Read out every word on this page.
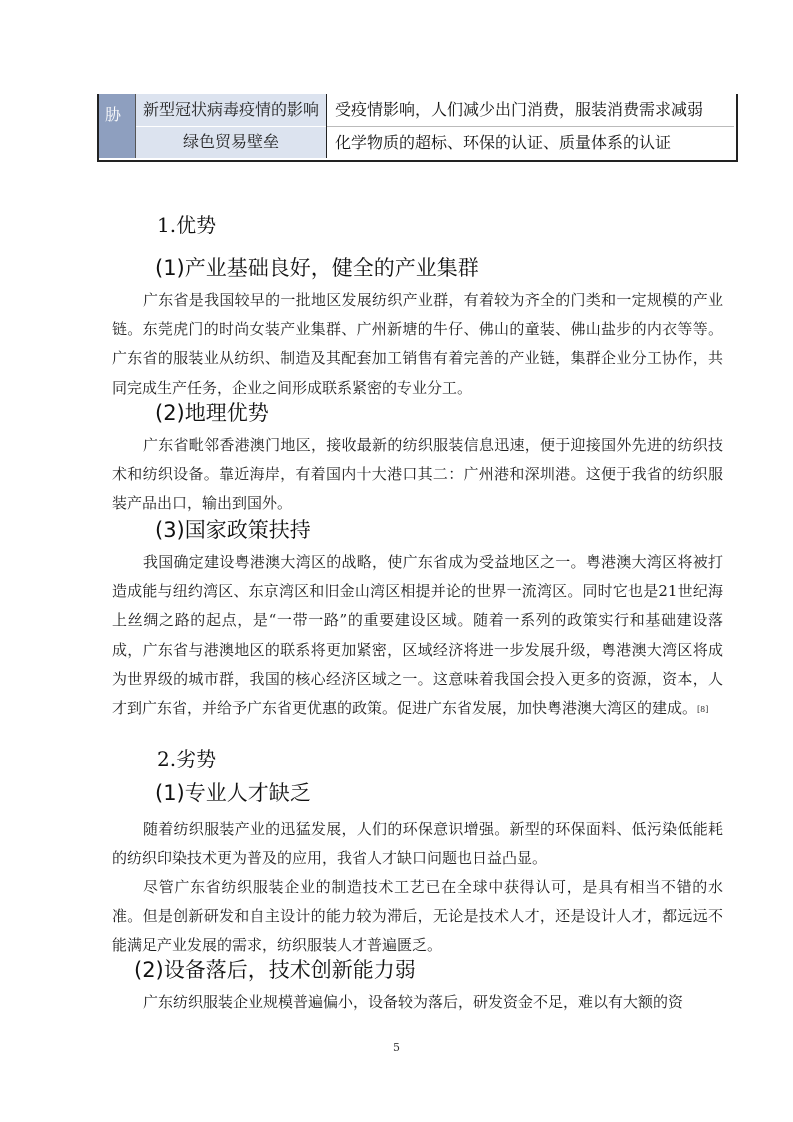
胁	新型冠状病毒疫情的影响
绿色贸易壁垒
受疫情影响，人们减少出门消费，服装消费需求减弱
化学物质的超标、环保的认证、质量体系的认证
1.优势
(1)产业基础良好，健全的产业集群

广东省是我国较早的一批地区发展纺织产业群，有着较为齐全的门类和一定规模的产业链。东莞虎门的时尚女装产业集群、广州新塘的牛仔、佛山的童装、佛山盐步的内衣等等。广东省的服装业从纺织、制造及其配套加工销售有着完善的产业链，集群企业分工协作，共同完成生产任务，企业之间形成联系紧密的专业分工。

(2)地理优势

广东省毗邻香港澳门地区，接收最新的纺织服装信息迅速，便于迎接国外先进的纺织技术和纺织设备。靠近海岸，有着国内十大港口其二：广州港和深圳港。这便于我省的纺织服装产品出口，输出到国外。

(3)国家政策扶持

我国确定建设粤港澳大湾区的战略，使广东省成为受益地区之一。粤港澳大湾区将被打造成能与纽约湾区、东京湾区和旧金山湾区相提并论的世界一流湾区。同时它也是21世纪海上丝绸之路的起点，是“一带一路”的重要建设区域。随着一系列的政策实行和基础建设落成，广东省与港澳地区的联系将更加紧密，区域经济将进一步发展升级，粤港澳大湾区将成为世界级的城市群，我国的核心经济区域之一。这意味着我国会投入更多的资源，资本，人才到广东省，并给予广东省更优惠的政策。促进广东省发展，加快粤港澳大湾区的建成。[8]

2.劣势
(1)专业人才缺乏

随着纺织服装产业的迅猛发展，人们的环保意识增强。新型的环保面料、低污染低能耗的纺织印染技术更为普及的应用，我省人才缺口问题也日益凸显。

尽管广东省纺织服装企业的制造技术工艺已在全球中获得认可，是具有相当不错的水准。但是创新研发和自主设计的能力较为滞后，无论是技术人才，还是设计人才，都远远不能满足产业发展的需求，纺织服装人才普遍匮乏。

(2)设备落后，技术创新能力弱

广东纺织服装企业规模普遍偏小，设备较为落后，研发资金不足，难以有大额的资

5
